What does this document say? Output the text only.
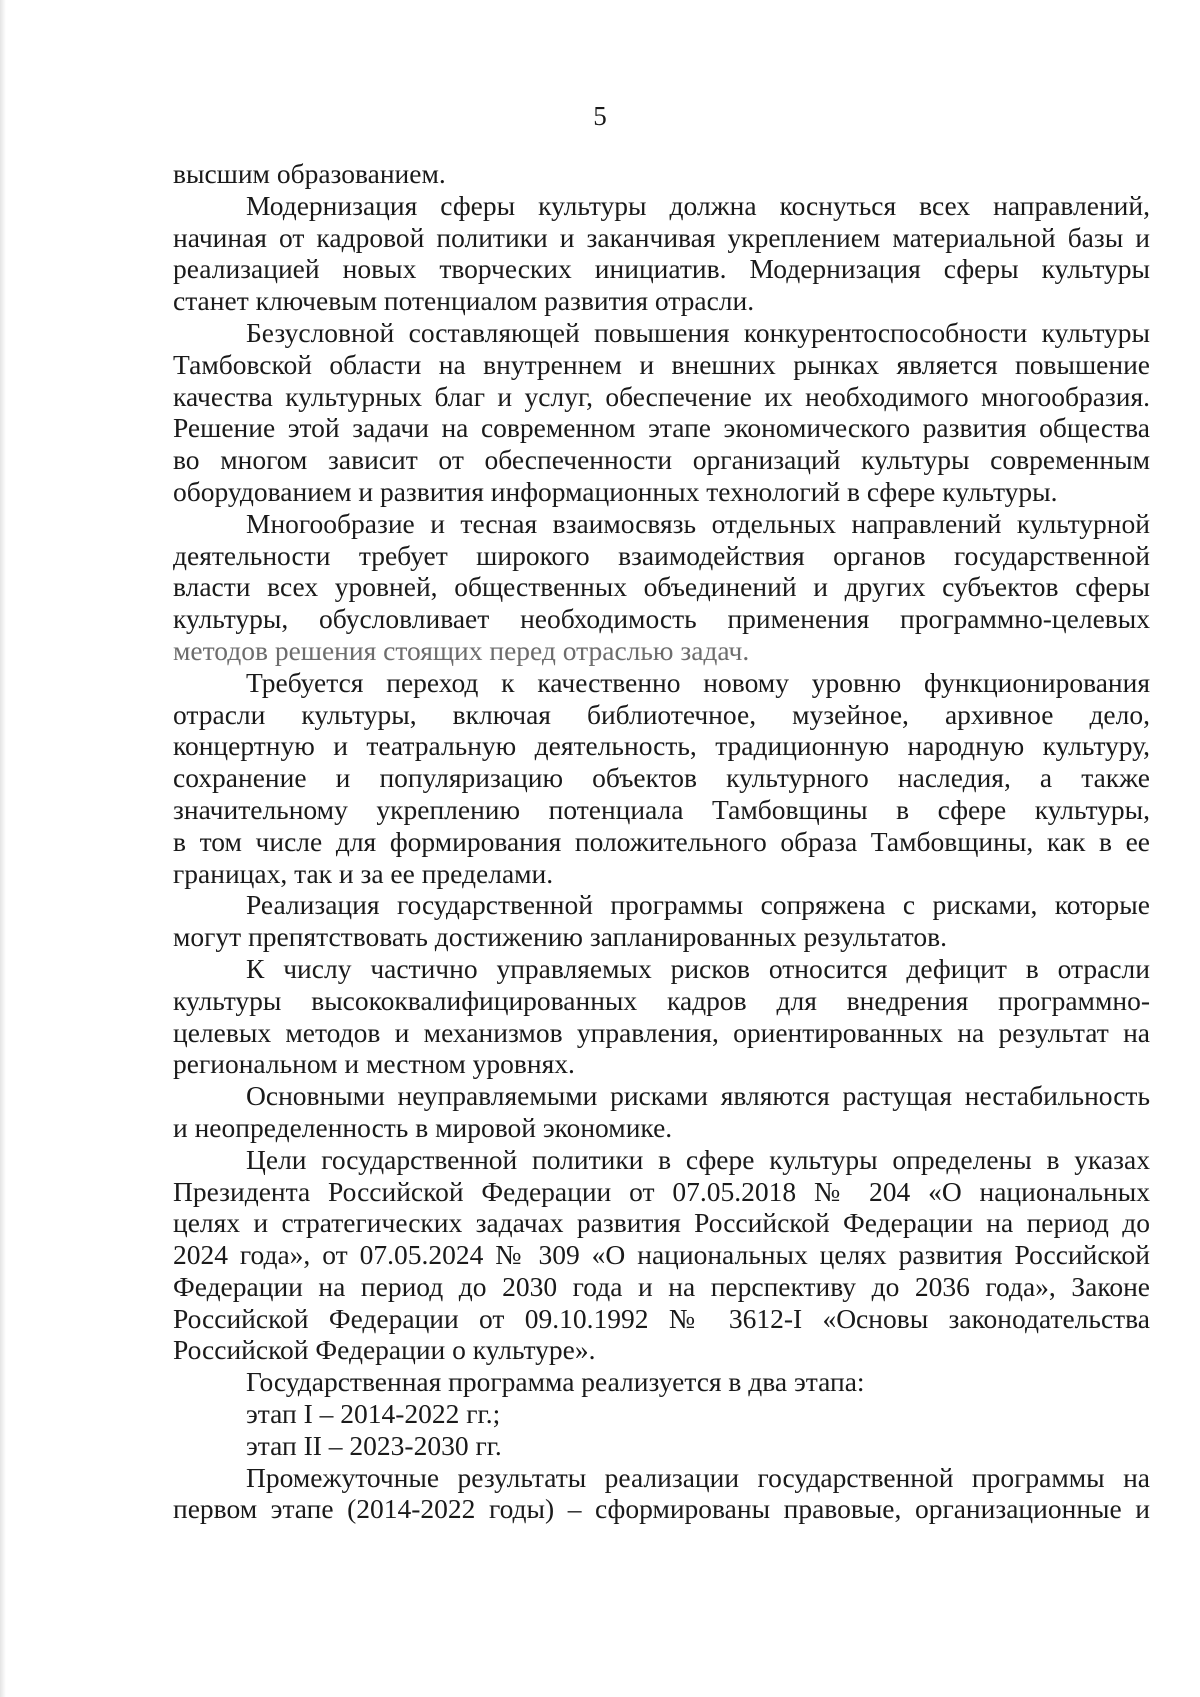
5
высшим образованием.
Модернизация сферы культуры должна коснуться всех направлений,
начиная от кадровой политики и заканчивая укреплением материальной базы и
реализацией новых творческих инициатив. Модернизация сферы культуры
станет ключевым потенциалом развития отрасли.
Безусловной составляющей повышения конкурентоспособности культуры
Тамбовской области на внутреннем и внешних рынках является повышение
качества культурных благ и услуг, обеспечение их необходимого многообразия.
Решение этой задачи на современном этапе экономического развития общества
во многом зависит от обеспеченности организаций культуры современным
оборудованием и развития информационных технологий в сфере культуры.
Многообразие и тесная взаимосвязь отдельных направлений культурной
деятельности требует широкого взаимодействия органов государственной
власти всех уровней, общественных объединений и других субъектов сферы
культуры, обусловливает необходимость применения программно-целевых
методов решения стоящих перед отраслью задач.
Требуется переход к качественно новому уровню функционирования
отрасли культуры, включая библиотечное, музейное, архивное дело,
концертную и театральную деятельность, традиционную народную культуру,
сохранение и популяризацию объектов культурного наследия, а также
значительному укреплению потенциала Тамбовщины в сфере культуры,
в том числе для формирования положительного образа Тамбовщины, как в ее
границах, так и за ее пределами.
Реализация государственной программы сопряжена с рисками, которые
могут препятствовать достижению запланированных результатов.
К числу частично управляемых рисков относится дефицит в отрасли
культуры высококвалифицированных кадров для внедрения программно-
целевых методов и механизмов управления, ориентированных на результат на
региональном и местном уровнях.
Основными неуправляемыми рисками являются растущая нестабильность
и неопределенность в мировой экономике.
Цели государственной политики в сфере культуры определены в указах
Президента Российской Федерации от 07.05.2018 № 204 «О национальных
целях и стратегических задачах развития Российской Федерации на период до
2024 года», от 07.05.2024 № 309 «О национальных целях развития Российской
Федерации на период до 2030 года и на перспективу до 2036 года», Законе
Российской Федерации от 09.10.1992 № 3612-I «Основы законодательства
Российской Федерации о культуре».
Государственная программа реализуется в два этапа:
этап I – 2014-2022 гг.;
этап II – 2023-2030 гг.
Промежуточные результаты реализации государственной программы на
первом этапе (2014-2022 годы) – сформированы правовые, организационные и
